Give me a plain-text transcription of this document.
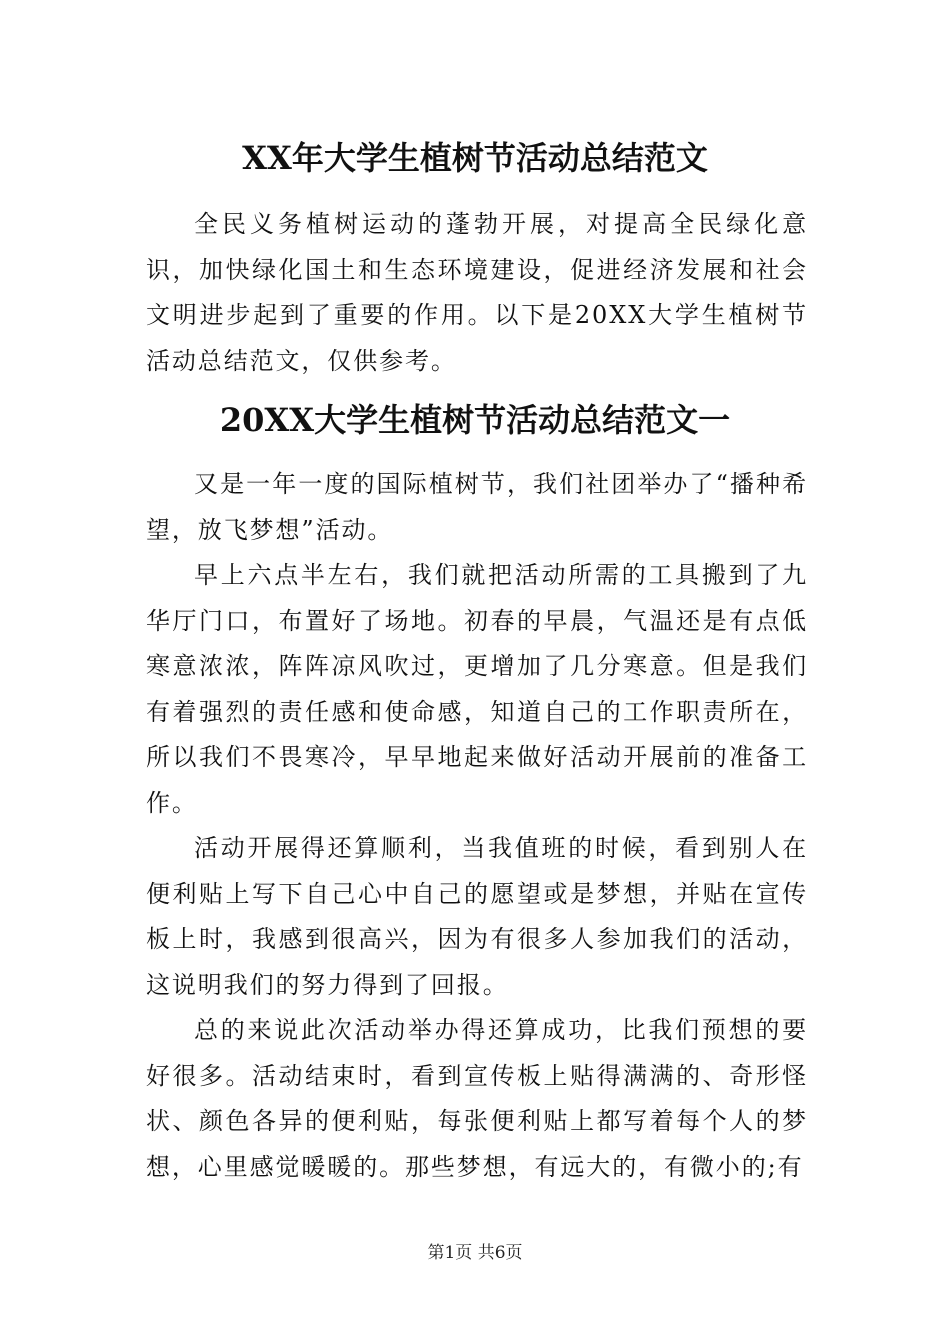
XX年大学生植树节活动总结范文

全民义务植树运动的蓬勃开展，对提高全民绿化意识，加快绿化国土和生态环境建设，促进经济发展和社会文明进步起到了重要的作用。以下是20XX大学生植树节活动总结范文，仅供参考。

20XX大学生植树节活动总结范文一

又是一年一度的国际植树节，我们社团举办了“播种希望，放飞梦想”活动。

早上六点半左右，我们就把活动所需的工具搬到了九华厅门口，布置好了场地。初春的早晨，气温还是有点低寒意浓浓，阵阵凉风吹过，更增加了几分寒意。但是我们有着强烈的责任感和使命感，知道自己的工作职责所在，所以我们不畏寒冷，早早地起来做好活动开展前的准备工作。

活动开展得还算顺利，当我值班的时候，看到别人在便利贴上写下自己心中自己的愿望或是梦想，并贴在宣传板上时，我感到很高兴，因为有很多人参加我们的活动，这说明我们的努力得到了回报。

总的来说此次活动举办得还算成功，比我们预想的要好很多。活动结束时，看到宣传板上贴得满满的、奇形怪状、颜色各异的便利贴，每张便利贴上都写着每个人的梦想，心里感觉暖暖的。那些梦想，有远大的，有微小的;有

第1页 共6页
